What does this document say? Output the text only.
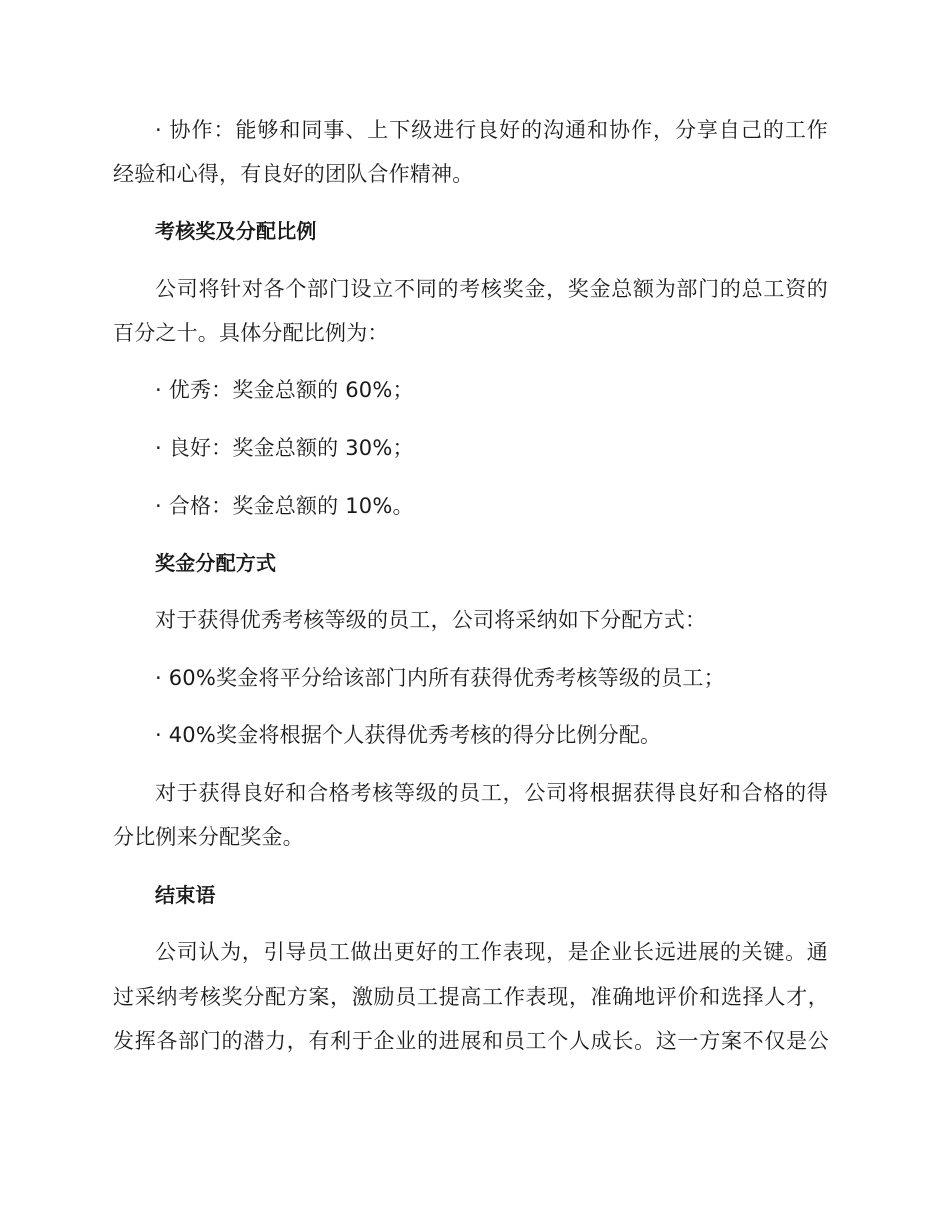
· 协作：能够和同事、上下级进行良好的沟通和协作，分享自己的工作
经验和心得，有良好的团队合作精神。
考核奖及分配比例
公司将针对各个部门设立不同的考核奖金，奖金总额为部门的总工资的
百分之十。具体分配比例为：
· 优秀：奖金总额的 60%；
· 良好：奖金总额的 30%；
· 合格：奖金总额的 10%。
奖金分配方式
对于获得优秀考核等级的员工，公司将采纳如下分配方式：
· 60%奖金将平分给该部门内所有获得优秀考核等级的员工；
· 40%奖金将根据个人获得优秀考核的得分比例分配。
对于获得良好和合格考核等级的员工，公司将根据获得良好和合格的得
分比例来分配奖金。
结束语
公司认为，引导员工做出更好的工作表现，是企业长远进展的关键。通
过采纳考核奖分配方案，激励员工提高工作表现，准确地评价和选择人才，
发挥各部门的潜力，有利于企业的进展和员工个人成长。这一方案不仅是公
